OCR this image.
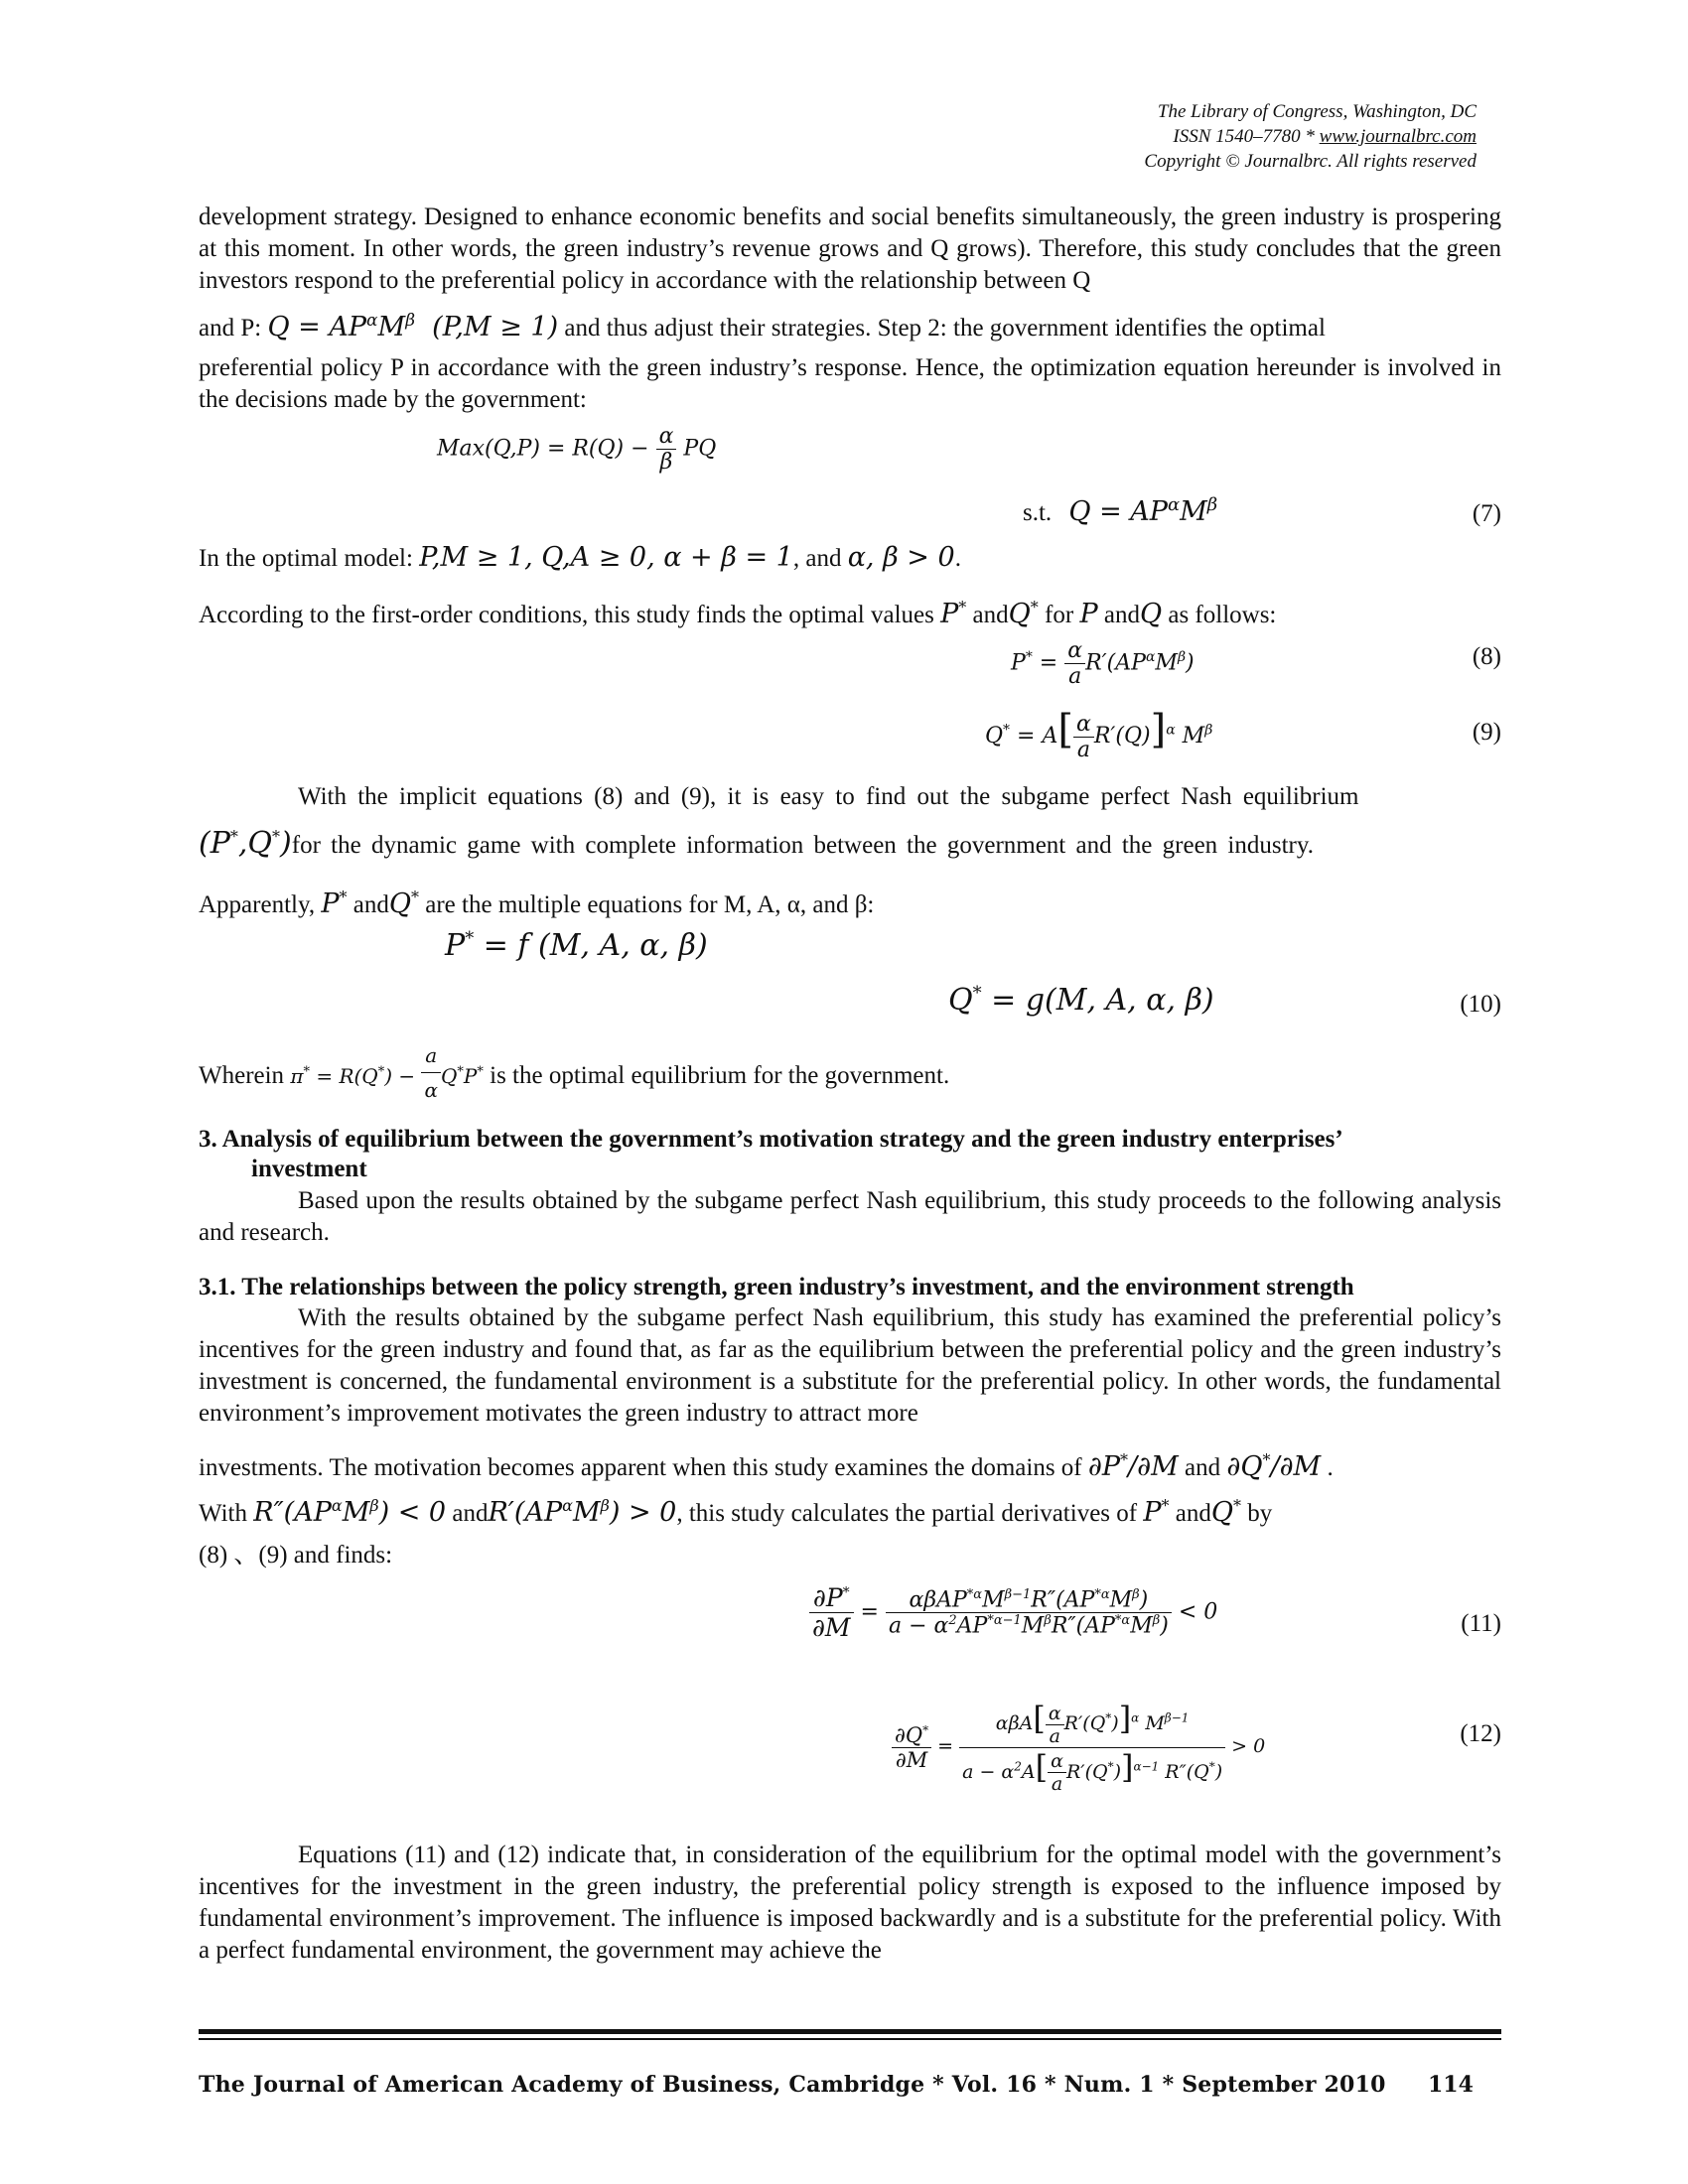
The Library of Congress, Washington, DC
ISSN 1540–7780 * www.journalbrc.com
Copyright © Journalbrc. All rights reserved
development strategy. Designed to enhance economic benefits and social benefits simultaneously, the green industry is prospering at this moment. In other words, the green industry’s revenue grows and Q grows). Therefore, this study concludes that the green investors respond to the preferential policy in accordance with the relationship between Q
and P: $Q = AP^\alpha M^\beta$  (P,M ≥ 1) and thus adjust their strategies. Step 2: the government identifies the optimal
preferential policy P in accordance with the green industry’s response. Hence, the optimization equation hereunder is involved in the decisions made by the government:
$Max(Q,P) = R(Q) - \frac{\alpha}{\beta}$ PQ
s.t.  $Q = AP^\alpha M^\beta$	(7)
In the optimal model: P,M ≥ 1, Q,A ≥ 0, α + β = 1, and α, β > 0.
According to the first-order conditions, this study finds the optimal values P* andQ* for P andQ as follows:
$P^* = \frac{\alpha}{a} R'(AP^\alpha M^\beta)$	(8)
$Q^* = A[ \frac{\alpha}{a} R'(Q)]^\alpha$ $M^\beta$	(9)
With the implicit equations (8) and (9), it is easy to find out the subgame perfect Nash equilibrium
(P*,Q*)for the dynamic game with complete information between the government and the green industry.
Apparently, P* andQ* are the multiple equations for M, A, α, and β:
P* = f (M, A, α, β)
Q* = g(M, A, α, β)	(10)
Wherein $\pi^* = R(Q^*) - \frac{a}{\alpha} Q^*P^*$ is the optimal equilibrium for the government.
3. Analysis of equilibrium between the government’s motivation strategy and the green industry enterprises’
investment
Based upon the results obtained by the subgame perfect Nash equilibrium, this study proceeds to the following analysis and research.
3.1. The relationships between the policy strength, green industry’s investment, and the environment strength
With the results obtained by the subgame perfect Nash equilibrium, this study has examined the preferential policy’s incentives for the green industry and found that, as far as the equilibrium between the preferential policy and the green industry’s investment is concerned, the fundamental environment is a substitute for the preferential policy. In other words, the fundamental environment’s improvement motivates the green industry to attract more
investments. The motivation becomes apparent when this study examines the domains of ∂P*/∂M and ∂Q*/∂M .
With $R''(AP^\alpha M^\beta) < 0$ $andR'(AP^\alpha M^\beta) > 0$, this study calculates the partial derivatives of P* andQ* by
(8) 、(9) and finds:
$\frac{\partial P^*}{\partial M} = \frac{\alpha\beta AP^{*\alpha}M^{\beta-1}R''(AP^{*\alpha}M^\beta)}{a - \alpha^2AP^{*\alpha-1}M^\beta R''(AP^{*\alpha}M^\beta)} < 0$	(11)
$\frac{\partial Q^*}{\partial M} = \frac{\alpha\beta A[ \frac{\alpha}{a} R'(Q^*)]^\alpha M^{\beta-1}}{a - \alpha^2A[ \frac{\alpha}{a} R'(Q^*)]^{\alpha-1} R''(Q^*)} > 0$	(12)
Equations (11) and (12) indicate that, in consideration of the equilibrium for the optimal model with the government’s incentives for the investment in the green industry, the preferential policy strength is exposed to the influence imposed by fundamental environment’s improvement. The influence is imposed backwardly and is a substitute for the preferential policy. With a perfect fundamental environment, the government may achieve the
The Journal of American Academy of Business, Cambridge * Vol. 16 * Num. 1 * September 2010 114
